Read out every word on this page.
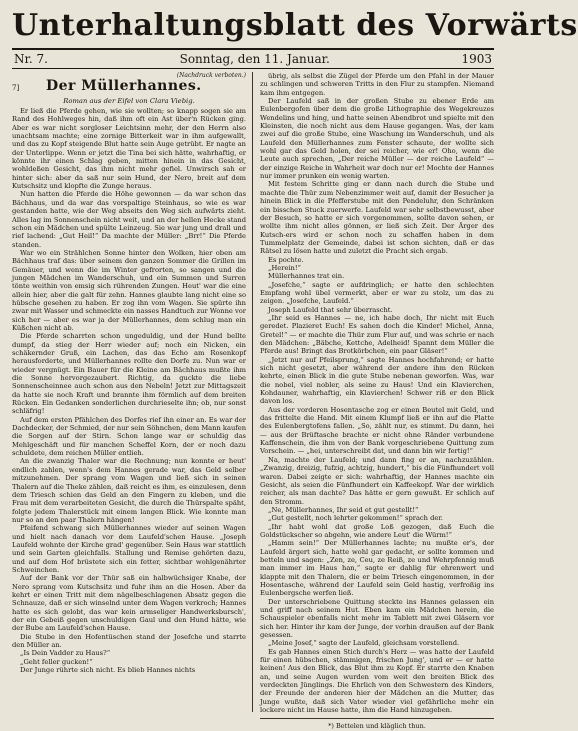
Unterhaltungsblatt des Vorwärts
Nr. 7.	Sonntag, den 11. Januar.	1903
(Nachdruck verboten.)
7]	Der Müllerhannes.
Roman aus der Eifel von Clara Viebig.

Er ließ die Pferde gehen, wie sie wollten; so knapp sogen sie am Rand des Hohlweges hin, daß ihm oft ein Ast über'n Rücken ging. Aber es war nicht sorgloser Leichtsinn mehr, der den Herrn also unachtsam machte; eine zornige Bitterkeit war in ihm aufgewallt, und das zu Kopf steigende Blut hatte sein Auge getrübt. Er nagte an der Unterlippe. Wenn er jetzt die Tina bei sich hätte, wahrhaftig, er könnte ihr einen Schlag geben, mitten hinein in das Gesicht, wohldeßen Gesicht, das ihm nicht mehr gefiel. Unwirsch sah er hinter sich: aber da saß nur sein Hund, der Nero, breit auf dem Kutschsitz und klopfte die Zunge heraus.

Nun hatten die Pferde die Höhe gewonnen — da war schon das Bächhaus, und da war das vorspaltige Steinhaus, so wie es war gestanden hatte, wie der Weg abseits den Weg sich aufwärts zieht. Alles lag im Sonnenschein nicht weit, und an der hellen Hecke stand schon ein Mädchen und spülte Leinzeug. Sie war jung und drall und rief lachend: „Gut Heil!“ Da machte der Müller: „Brr!“ Die Pferde standen.

War wo ein Strählchen Sonne hinter den Wolken, hier oben am Bächhaus traf das: über seinem den ganzen Sommer die Grillen im Gemäuer, und wenn die im Winter gefrorten, so sangen und die jungen Mädchen im Wanderschuh, und ein Summen und Surren tönte weithin von emsig sich rührenden Zungen. Heut' war die eine allein hier, aber die galt für zehn. Hannes glaubte lang nicht eine so hübsche gesehen zu haben. Er zog ihn vom Wagen. Sie spürte ihn zwar mit Wasser und schmeckte ein nasses Handtuch zur Wonne vor sich her — aber es war ja der Müllerhannes, dem schlug man ein Küßchen nicht ab.

Die Pferde scharrten schon ungeduldig, und der Hund bellte dumpf, da stieg der Herr wieder auf; noch ein Nicken, ein schäkernder Gruß, ein Lachen, das das Echo am Rosenkopf herausforderte, und Müllerhannes rollte den Dorfe zu. Nun war er wieder vergnügt. Ein Bauer für die Kleine am Bächhaus mußte ihm die Sonne hervorgezaubert. Richtig, da guckte die liebe Sonnenscheinnee auch schon aus den Nebeln! Jetzt zur Mittagszeit da hatte sie noch Kraft und brannte ihm förmlich auf dem breiten Rücken. Ein Gedanken sonderlichen durchrieselte ihn; ob, nur sonst schläfrig!

Auf dem ersten Pfählchen des Dorfes rief ihn einer an. Es war der Dachdecker, der Schmied, der nur sein Söhnchen, dem Mann kaufen die Sorgen auf der Stirn. Schon lange war er schuldig das Mehlgeschäft und für manchen Scheffel Korn, der er noch dazu schuldete, dem reichen Müller entlieh.

An die zwanzig Thaler war die Rechnung; nun konnte er heut' endlich zahlen, wenn's dem Hannes gerade war, das Geld selber mitzunehmen. Der sprang vom Wagen und ließ sich in seinen Thalern auf die Theke zählen, daß reicht es ihm, es einzulesen, denn dem Triesch schien das Geld an den Fingern zu kleben, und die Frau mit dem verarbeiteten Gesicht, die durch die Thürspalte späht, folgte jedem Thalerstück mit einem langen Blick. Wie konnte man nur so an den paar Thalern hängen!

Pfeifend schwang sich Müllerhannes wieder auf seinen Wagen und hielt nach danach vor dem Laufeld'schen Hause. „Joseph Laufeld wohnte der Kirche grad' gegenüber. Sein Haus war stattlich und sein Garten gleichfalls. Stallung und Remise gehörten dazu, und auf dem Hof brüstete sich ein fetter, sichtbar wohlgenährter Schweinchen.

Auf der Bank vor der Thür saß ein halbwüchsiger Knabe, der Nero sprang vom Kutschsitz und fuhr ihm an die Hosen. Aber da kehrt er einen Tritt mit dem nägelbeschlagenen Absatz gegen die Schnauze, daß er sich winselnd unter dem Wagen verkroch; Hannes hatte es sich gelobt, das war kein armseliger Handwerksbursch', der ein Gebeiß gegen unschuldigen Gaul und den Hund hätte, wie der Bube am Laufeld'schen Hause.

Die Stube in den Hofentüschen stand der Josefche und starrte den Müller an.

„Is Dein Vadder zu Haus?“

„Geht feller gucken!“

Der Junge rührte sich nicht. Es blieb Hannes nichts

übrig, als selbst die Zügel der Pferde um den Pfahl in der Mauer zu schlingen und schweren Tritts in den Flur zu stampfen. Niemand kam ihm entgegen.

Der Laufeld saß in der großen Stube zu ebener Erde am Eulenbergofen über dem die große Lithographie des Wegekreuzes Wendelins und hing, und hatte seinen Abendbrot und spielte mit den Kleinsten, die noch nicht aus dem Hause gegangen. Was, der kam zwei auf die große Stube, eine Waschung im Wanderschuh, und als Laufeld den Müllerhannes zum Fenster schaute, der wollte sich wohl gar das Geld holen, der sei reicher, wie er! Oho, wenn die Leute auch sprechen, „Der reiche Müller — der reiche Laufeld“ — der einzige Reiche in Wahrheit war doch nur er! Mochte der Hannes nur immer prunken ein wenig warten.

Mit festem Schritte ging er dann nach durch die Stube und machte die Thür zum Nebenzimmer weit auf, damit der Besucher ja hinein Blick in die Pfefferstube mit den Pendeluhr, den Schränken ein bisschen Stuck zuerwerfe. Laufeld war sehr selbstbewusst, aber der Besuch, so hatte er sich vorgenommen, sollte davon sehen, er wollte ihm nicht alles gönnen, er ließ sich Zeit. Der Ärger des Kutsch-ers wird er schon noch zu schaffen haben in dem Tummelplatz der Gemeinde, dabei ist schon sichten, daß er das Rätsel zu lösen hatte und zuletzt die Pracht sich ergab.

Es pochte.

„Herein!“

Müllerhannes trat ein.

„Josefche,“ sagte er aufdringlich; er hatte den schlechten Empfang wohl übel vermerkt, aber er war zu stolz, um das zu zeigen. „Josefche, Laufeld.“

Joseph Laufeld that sehr überrascht.

„Ihr seid es Hannes — ne, ich habe doch, Ihr nicht mit Euch geredet. Plazieret Euch! Es sahen doch die Kinder! Michel, Anna, Gretel!“ — er machte die Thür zum Flur auf, und was schrie er nach den Mädchen: „Bäbche, Kettche, Adelheid! Spannt dem Müller die Pferde aus! Bringt das Brotkörbchen, ein paar Gläser!“

„Jetzt nur auf Pfeilsprung,“ sagte Hannes hochfahrend; er hatte sich nicht gesetzt, aber während der andere ihm den Rücken kehrte, einen Blick in die gute Stube nebenan geworfen. Was, war die nobel, viel nobler, als seine zu Haus! Und ein Klavierchen, Kohdauner, wahrhaftig, ein Klavierchen! Schwer riß er den Blick davon los.

Aus der vorderen Hosentasche zog er einen Beutel mit Geld, und das frittelte die Hand. Mit einem Klumpf ließ er ihn auf die Platte des Eulenbergtofens fallen. „So, zählt nur, es stimmt. Du dann, hei — aus der Brüftasche brachte er nicht ohne Ränder verbundene Kaffenschein, die ihm von der Bank vorgeschriebene Quittung zum Vorschein. — „hei, unterschreibt dat, und dann bin wir fertig!“

Na, machte der Laufeld; und dann fing er an, nachzuzählen. „Zwanzig, dreizig, fufzig, achtzig, hundert,“ bis die Fünfhundert voll waren. Dabei zeigte er sich: wahrhaftig, der Hannes machte ein Gesicht, als seien die Fünfhundert ein Kaffeekopf. War der wirklich reicher, als man dachte? Das hätte er gern gewußt. Er schlich auf den Stromm.

„Ne, Müllerhannes, Ihr seid et gut gestellt!“

„Gut gestellt, noch lehrter gekommen!“ sprach der.

„Ihr habt wohl dat große Loß gezogen, daß Euch die Goldstückscher so abgehn, wie andere Leut' die Würm!“

„Hamm sein!“ Der Müllerhannes lachte; nu mußte er's, der Laufeld ärgert sich, hatte wohl gar gedacht, er sollte kommen und betteln und sagen: „Zen, ze, Ceu, ze Reiß, ze und Wehrpfennig muß man immer im Haus han,“ sagte er dahlig für ehrenwert und klappte mit den Thalern, die er beim Triesch eingenommen, in der Hosentasche, während der Laufeld sein Geld hastig, verfroßig ins Eulenbergsche werfen ließ.

Der unterschriebene Quittung steckte ins Hannes gelassen ein und griff nach seinem Hut. Eben kam ein Mädchen herein, die Schauspieler ebenfalls nicht mehr im Tablett mit zwei Gläsern vor sich her. Hinter ihr kam der Junge, der vorhin draußen auf der Bank gesessen.

„Meine Josef,“ sagte der Laufeld, gleichsam vorstellend.

Es gab Hannes einen Stich durch's Herz — was hatte der Laufeld für einen hübschen, stämmigen, frischen Jung', und er — er hatte keinen! Aus den Blick, das Blut ihm zu Kopf. Er starrte den Knaben an, und seine Augen wurden vom weit den breiten Blick des verdeckten Jünglings. Die Ehrlich von den Schwestern des Kinders, der Freunde der anderen hier der Mädchen an die Mutter, das Junge wußte, daß sich Vater wieder viel gefährliche mehr ein lockere nicht im Hause hatte, ihm die Hand hinzugeben.

*) Bettelen und kläglich thun.
